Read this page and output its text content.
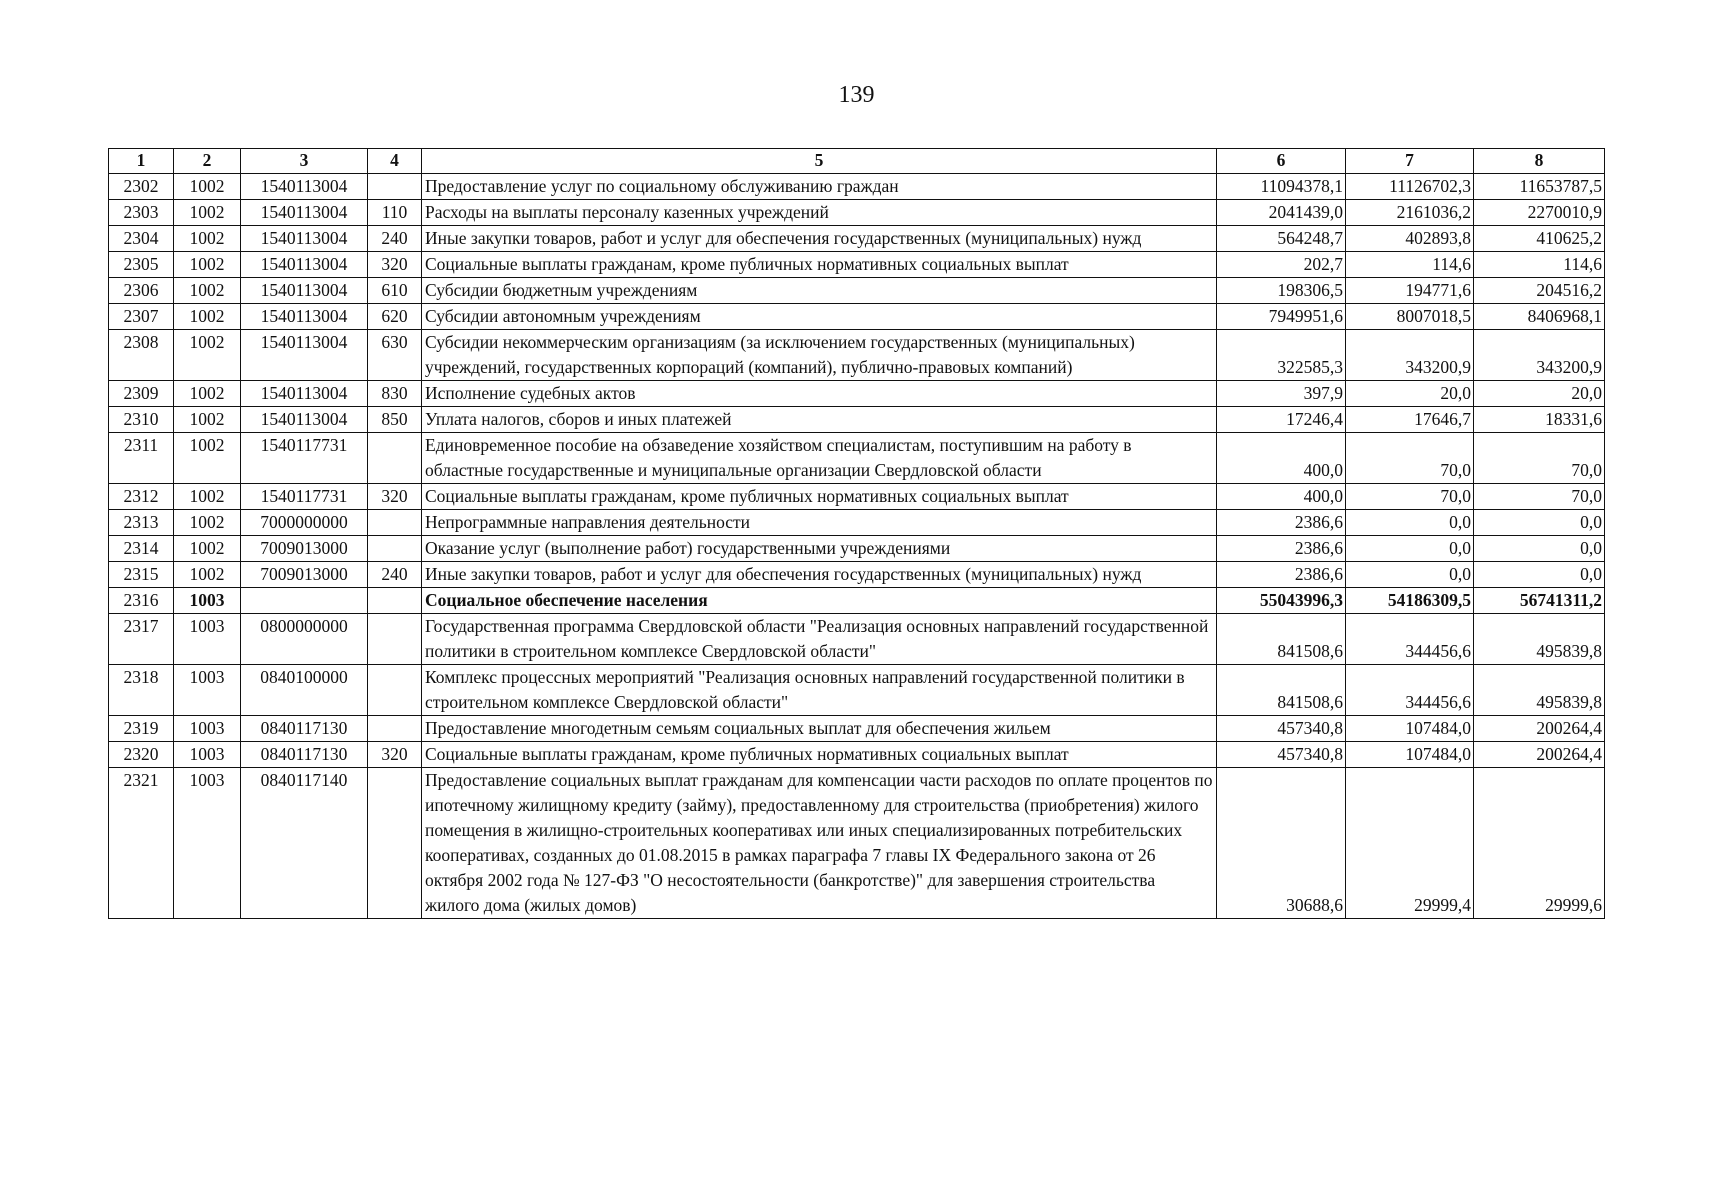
139
1	2	3	4	5	6	7	8
2302	1002	1540113004		Предоставление услуг по социальному обслуживанию граждан	11094378,1	11126702,3	11653787,5
2303	1002	1540113004	110	Расходы на выплаты персоналу казенных учреждений	2041439,0	2161036,2	2270010,9
2304	1002	1540113004	240	Иные закупки товаров, работ и услуг для обеспечения государственных (муниципальных) нужд	564248,7	402893,8	410625,2
2305	1002	1540113004	320	Социальные выплаты гражданам, кроме публичных нормативных социальных выплат	202,7	114,6	114,6
2306	1002	1540113004	610	Субсидии бюджетным учреждениям	198306,5	194771,6	204516,2
2307	1002	1540113004	620	Субсидии автономным учреждениям	7949951,6	8007018,5	8406968,1
2308	1002	1540113004	630	Субсидии некоммерческим организациям (за исключением государственных (муниципальных) учреждений, государственных корпораций (компаний), публично-правовых компаний)	322585,3	343200,9	343200,9
2309	1002	1540113004	830	Исполнение судебных актов	397,9	20,0	20,0
2310	1002	1540113004	850	Уплата налогов, сборов и иных платежей	17246,4	17646,7	18331,6
2311	1002	1540117731		Единовременное пособие на обзаведение хозяйством специалистам, поступившим на работу в областные государственные и муниципальные организации Свердловской области	400,0	70,0	70,0
2312	1002	1540117731	320	Социальные выплаты гражданам, кроме публичных нормативных социальных выплат	400,0	70,0	70,0
2313	1002	7000000000		Непрограммные направления деятельности	2386,6	0,0	0,0
2314	1002	7009013000		Оказание услуг (выполнение работ) государственными учреждениями	2386,6	0,0	0,0
2315	1002	7009013000	240	Иные закупки товаров, работ и услуг для обеспечения государственных (муниципальных) нужд	2386,6	0,0	0,0
2316	1003			Социальное обеспечение населения	55043996,3	54186309,5	56741311,2
2317	1003	0800000000		Государственная программа Свердловской области "Реализация основных направлений государственной политики в строительном комплексе Свердловской области"	841508,6	344456,6	495839,8
2318	1003	0840100000		Комплекс процессных мероприятий "Реализация основных направлений государственной политики в строительном комплексе Свердловской области"	841508,6	344456,6	495839,8
2319	1003	0840117130		Предоставление многодетным семьям социальных выплат для обеспечения жильем	457340,8	107484,0	200264,4
2320	1003	0840117130	320	Социальные выплаты гражданам, кроме публичных нормативных социальных выплат	457340,8	107484,0	200264,4
2321	1003	0840117140		Предоставление социальных выплат гражданам для компенсации части расходов по оплате процентов по ипотечному жилищному кредиту (займу), предоставленному для строительства (приобретения) жилого помещения в жилищно-строительных кооперативах или иных специализированных потребительских кооперативах, созданных до 01.08.2015 в рамках параграфа 7 главы IX Федерального закона от 26 октября 2002 года № 127-ФЗ "О несостоятельности (банкротстве)" для завершения строительства жилого дома (жилых домов)	30688,6	29999,4	29999,6
